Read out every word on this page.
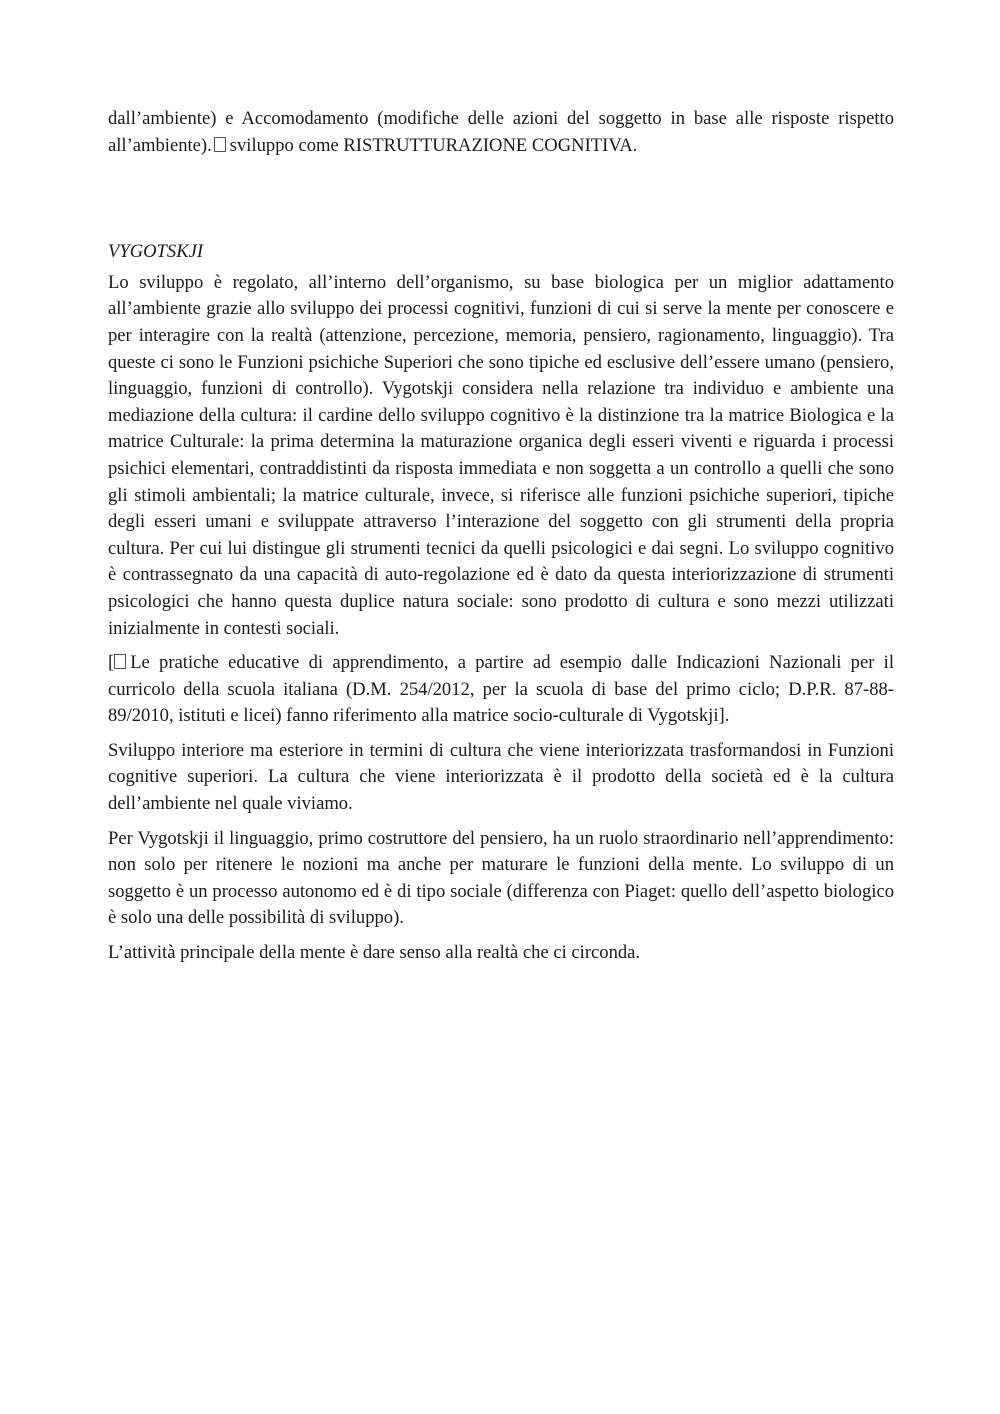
dall’ambiente) e Accomodamento (modifiche delle azioni del soggetto in base alle risposte rispetto all’ambiente). sviluppo come RISTRUTTURAZIONE COGNITIVA.

VYGOTSKJI

Lo sviluppo è regolato, all’interno dell’organismo, su base biologica per un miglior adattamento all’ambiente grazie allo sviluppo dei processi cognitivi, funzioni di cui si serve la mente per conoscere e per interagire con la realtà (attenzione, percezione, memoria, pensiero, ragionamento, linguaggio). Tra queste ci sono le Funzioni psichiche Superiori che sono tipiche ed esclusive dell’essere umano (pensiero, linguaggio, funzioni di controllo). Vygotskji considera nella relazione tra individuo e ambiente una mediazione della cultura: il cardine dello sviluppo cognitivo è la distinzione tra la matrice Biologica e la matrice Culturale: la prima determina la maturazione organica degli esseri viventi e riguarda i processi psichici elementari, contraddistinti da risposta immediata e non soggetta a un controllo a quelli che sono gli stimoli ambientali; la matrice culturale, invece, si riferisce alle funzioni psichiche superiori, tipiche degli esseri umani e sviluppate attraverso l’interazione del soggetto con gli strumenti della propria cultura. Per cui lui distingue gli strumenti tecnici da quelli psicologici e dai segni. Lo sviluppo cognitivo è contrassegnato da una capacità di auto-regolazione ed è dato da questa interiorizzazione di strumenti psicologici che hanno questa duplice natura sociale: sono prodotto di cultura e sono mezzi utilizzati inizialmente in contesti sociali.

[ Le pratiche educative di apprendimento, a partire ad esempio dalle Indicazioni Nazionali per il curricolo della scuola italiana (D.M. 254/2012, per la scuola di base del primo ciclo; D.P.R. 87-88-89/2010, istituti e licei) fanno riferimento alla matrice socio-culturale di Vygotskji].

Sviluppo interiore ma esteriore in termini di cultura che viene interiorizzata trasformandosi in Funzioni cognitive superiori. La cultura che viene interiorizzata è il prodotto della società ed è la cultura dell’ambiente nel quale viviamo.

Per Vygotskji il linguaggio, primo costruttore del pensiero, ha un ruolo straordinario nell’apprendimento: non solo per ritenere le nozioni ma anche per maturare le funzioni della mente. Lo sviluppo di un soggetto è un processo autonomo ed è di tipo sociale (differenza con Piaget: quello dell’aspetto biologico è solo una delle possibilità di sviluppo).

L’attività principale della mente è dare senso alla realtà che ci circonda.
